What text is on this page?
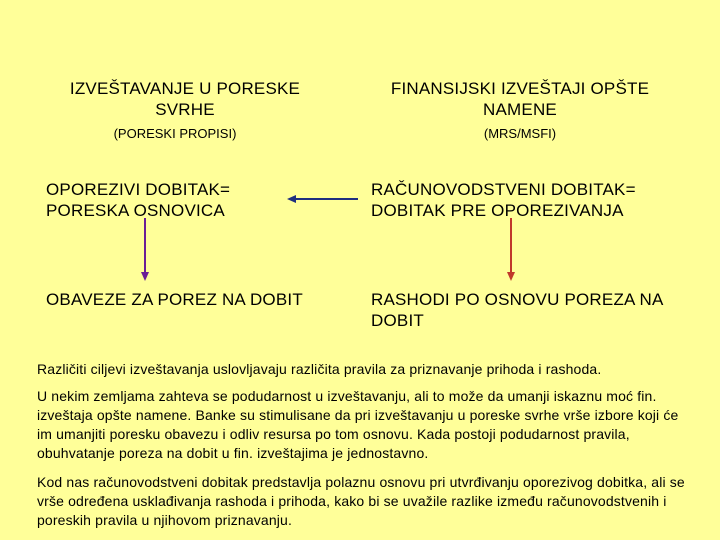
IZVEŠTAVANJE U PORESKE SVRHE
(PORESKI PROPISI)
FINANSIJSKI IZVEŠTAJI OPŠTE NAMENE
(MRS/MSFI)
OPOREZIVI DOBITAK= PORESKA OSNOVICA
RAČUNOVODSTVENI DOBITAK= DOBITAK PRE OPOREZIVANJA
OBAVEZE ZA POREZ NA DOBIT	RASHODI PO OSNOVU POREZA NA DOBIT
Različiti ciljevi izveštavanja uslovljavaju različita pravila za priznavanje prihoda i rashoda.
U nekim zemljama zahteva se podudarnost u izveštavanju, ali to može da umanji iskaznu moć fin. izveštaja opšte namene. Banke su stimulisane da pri izveštavanju u poreske svrhe vrše izbore koji će im umanjiti poresku obavezu i odliv resursa po tom osnovu. Kada postoji podudarnost pravila, obuhvatanje poreza na dobit u fin. izveštajima je jednostavno.
Kod nas računovodstveni dobitak predstavlja polaznu osnovu pri utvrđivanju oporezivog dobitka, ali se vrše određena usklađivanja rashoda i prihoda, kako bi se uvažile razlike između računovodstvenih i poreskih pravila u njihovom priznavanju.
